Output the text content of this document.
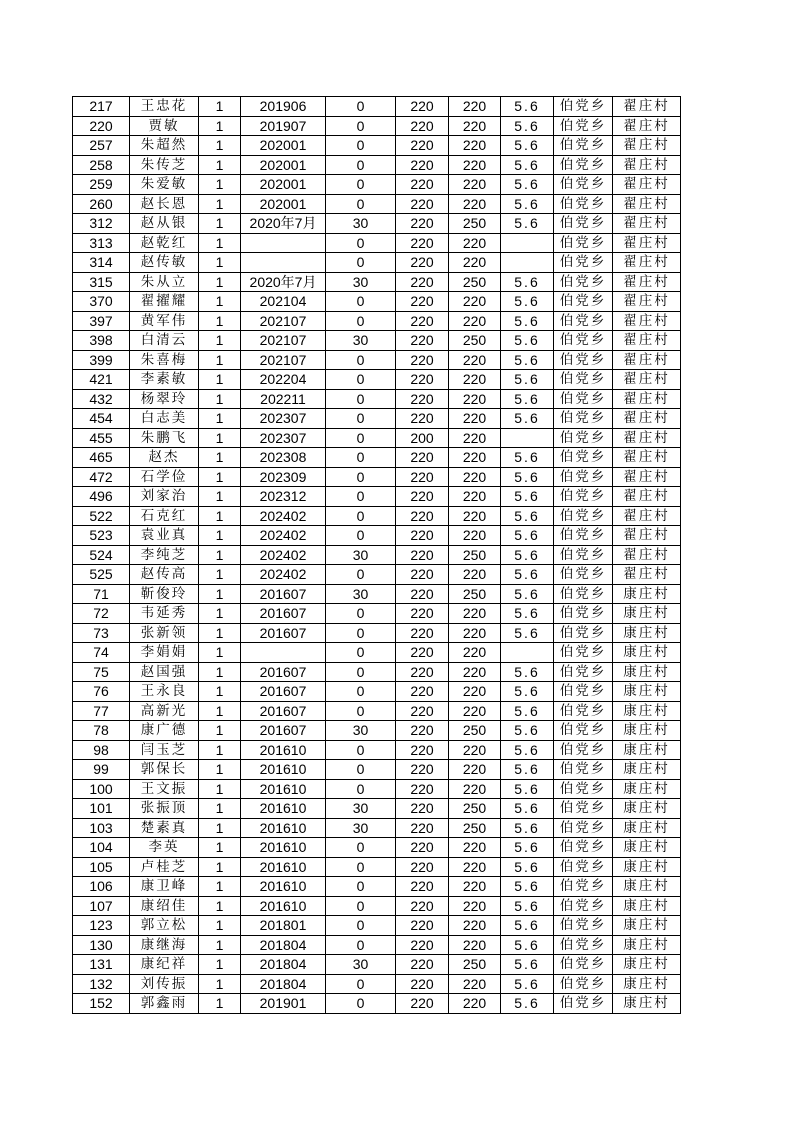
217	王忠花	1	201906	0	220	220	5.6	伯党乡	翟庄村
220	贾敏	1	201907	0	220	220	5.6	伯党乡	翟庄村
257	朱超然	1	202001	0	220	220	5.6	伯党乡	翟庄村
258	朱传芝	1	202001	0	220	220	5.6	伯党乡	翟庄村
259	朱爱敏	1	202001	0	220	220	5.6	伯党乡	翟庄村
260	赵长恩	1	202001	0	220	220	5.6	伯党乡	翟庄村
312	赵从银	1	2020年7月	30	220	250	5.6	伯党乡	翟庄村
313	赵乾红	1		0	220	220		伯党乡	翟庄村
314	赵传敏	1		0	220	220		伯党乡	翟庄村
315	朱从立	1	2020年7月	30	220	250	5.6	伯党乡	翟庄村
370	翟擢耀	1	202104	0	220	220	5.6	伯党乡	翟庄村
397	黄军伟	1	202107	0	220	220	5.6	伯党乡	翟庄村
398	白清云	1	202107	30	220	250	5.6	伯党乡	翟庄村
399	朱喜梅	1	202107	0	220	220	5.6	伯党乡	翟庄村
421	李素敏	1	202204	0	220	220	5.6	伯党乡	翟庄村
432	杨翠玲	1	202211	0	220	220	5.6	伯党乡	翟庄村
454	白志美	1	202307	0	220	220	5.6	伯党乡	翟庄村
455	朱鹏飞	1	202307	0	200	220		伯党乡	翟庄村
465	赵杰	1	202308	0	220	220	5.6	伯党乡	翟庄村
472	石学俭	1	202309	0	220	220	5.6	伯党乡	翟庄村
496	刘家治	1	202312	0	220	220	5.6	伯党乡	翟庄村
522	石克红	1	202402	0	220	220	5.6	伯党乡	翟庄村
523	袁业真	1	202402	0	220	220	5.6	伯党乡	翟庄村
524	李纯芝	1	202402	30	220	250	5.6	伯党乡	翟庄村
525	赵传高	1	202402	0	220	220	5.6	伯党乡	翟庄村
71	靳俊玲	1	201607	30	220	250	5.6	伯党乡	康庄村
72	韦延秀	1	201607	0	220	220	5.6	伯党乡	康庄村
73	张新领	1	201607	0	220	220	5.6	伯党乡	康庄村
74	李娟娟	1		0	220	220		伯党乡	康庄村
75	赵国强	1	201607	0	220	220	5.6	伯党乡	康庄村
76	王永良	1	201607	0	220	220	5.6	伯党乡	康庄村
77	高新光	1	201607	0	220	220	5.6	伯党乡	康庄村
78	康广德	1	201607	30	220	250	5.6	伯党乡	康庄村
98	闫玉芝	1	201610	0	220	220	5.6	伯党乡	康庄村
99	郭保长	1	201610	0	220	220	5.6	伯党乡	康庄村
100	王文振	1	201610	0	220	220	5.6	伯党乡	康庄村
101	张振顶	1	201610	30	220	250	5.6	伯党乡	康庄村
103	楚素真	1	201610	30	220	250	5.6	伯党乡	康庄村
104	李英	1	201610	0	220	220	5.6	伯党乡	康庄村
105	卢桂芝	1	201610	0	220	220	5.6	伯党乡	康庄村
106	康卫峰	1	201610	0	220	220	5.6	伯党乡	康庄村
107	康绍佳	1	201610	0	220	220	5.6	伯党乡	康庄村
123	郭立松	1	201801	0	220	220	5.6	伯党乡	康庄村
130	康继海	1	201804	0	220	220	5.6	伯党乡	康庄村
131	康纪祥	1	201804	30	220	250	5.6	伯党乡	康庄村
132	刘传振	1	201804	0	220	220	5.6	伯党乡	康庄村
152	郭鑫雨	1	201901	0	220	220	5.6	伯党乡	康庄村
